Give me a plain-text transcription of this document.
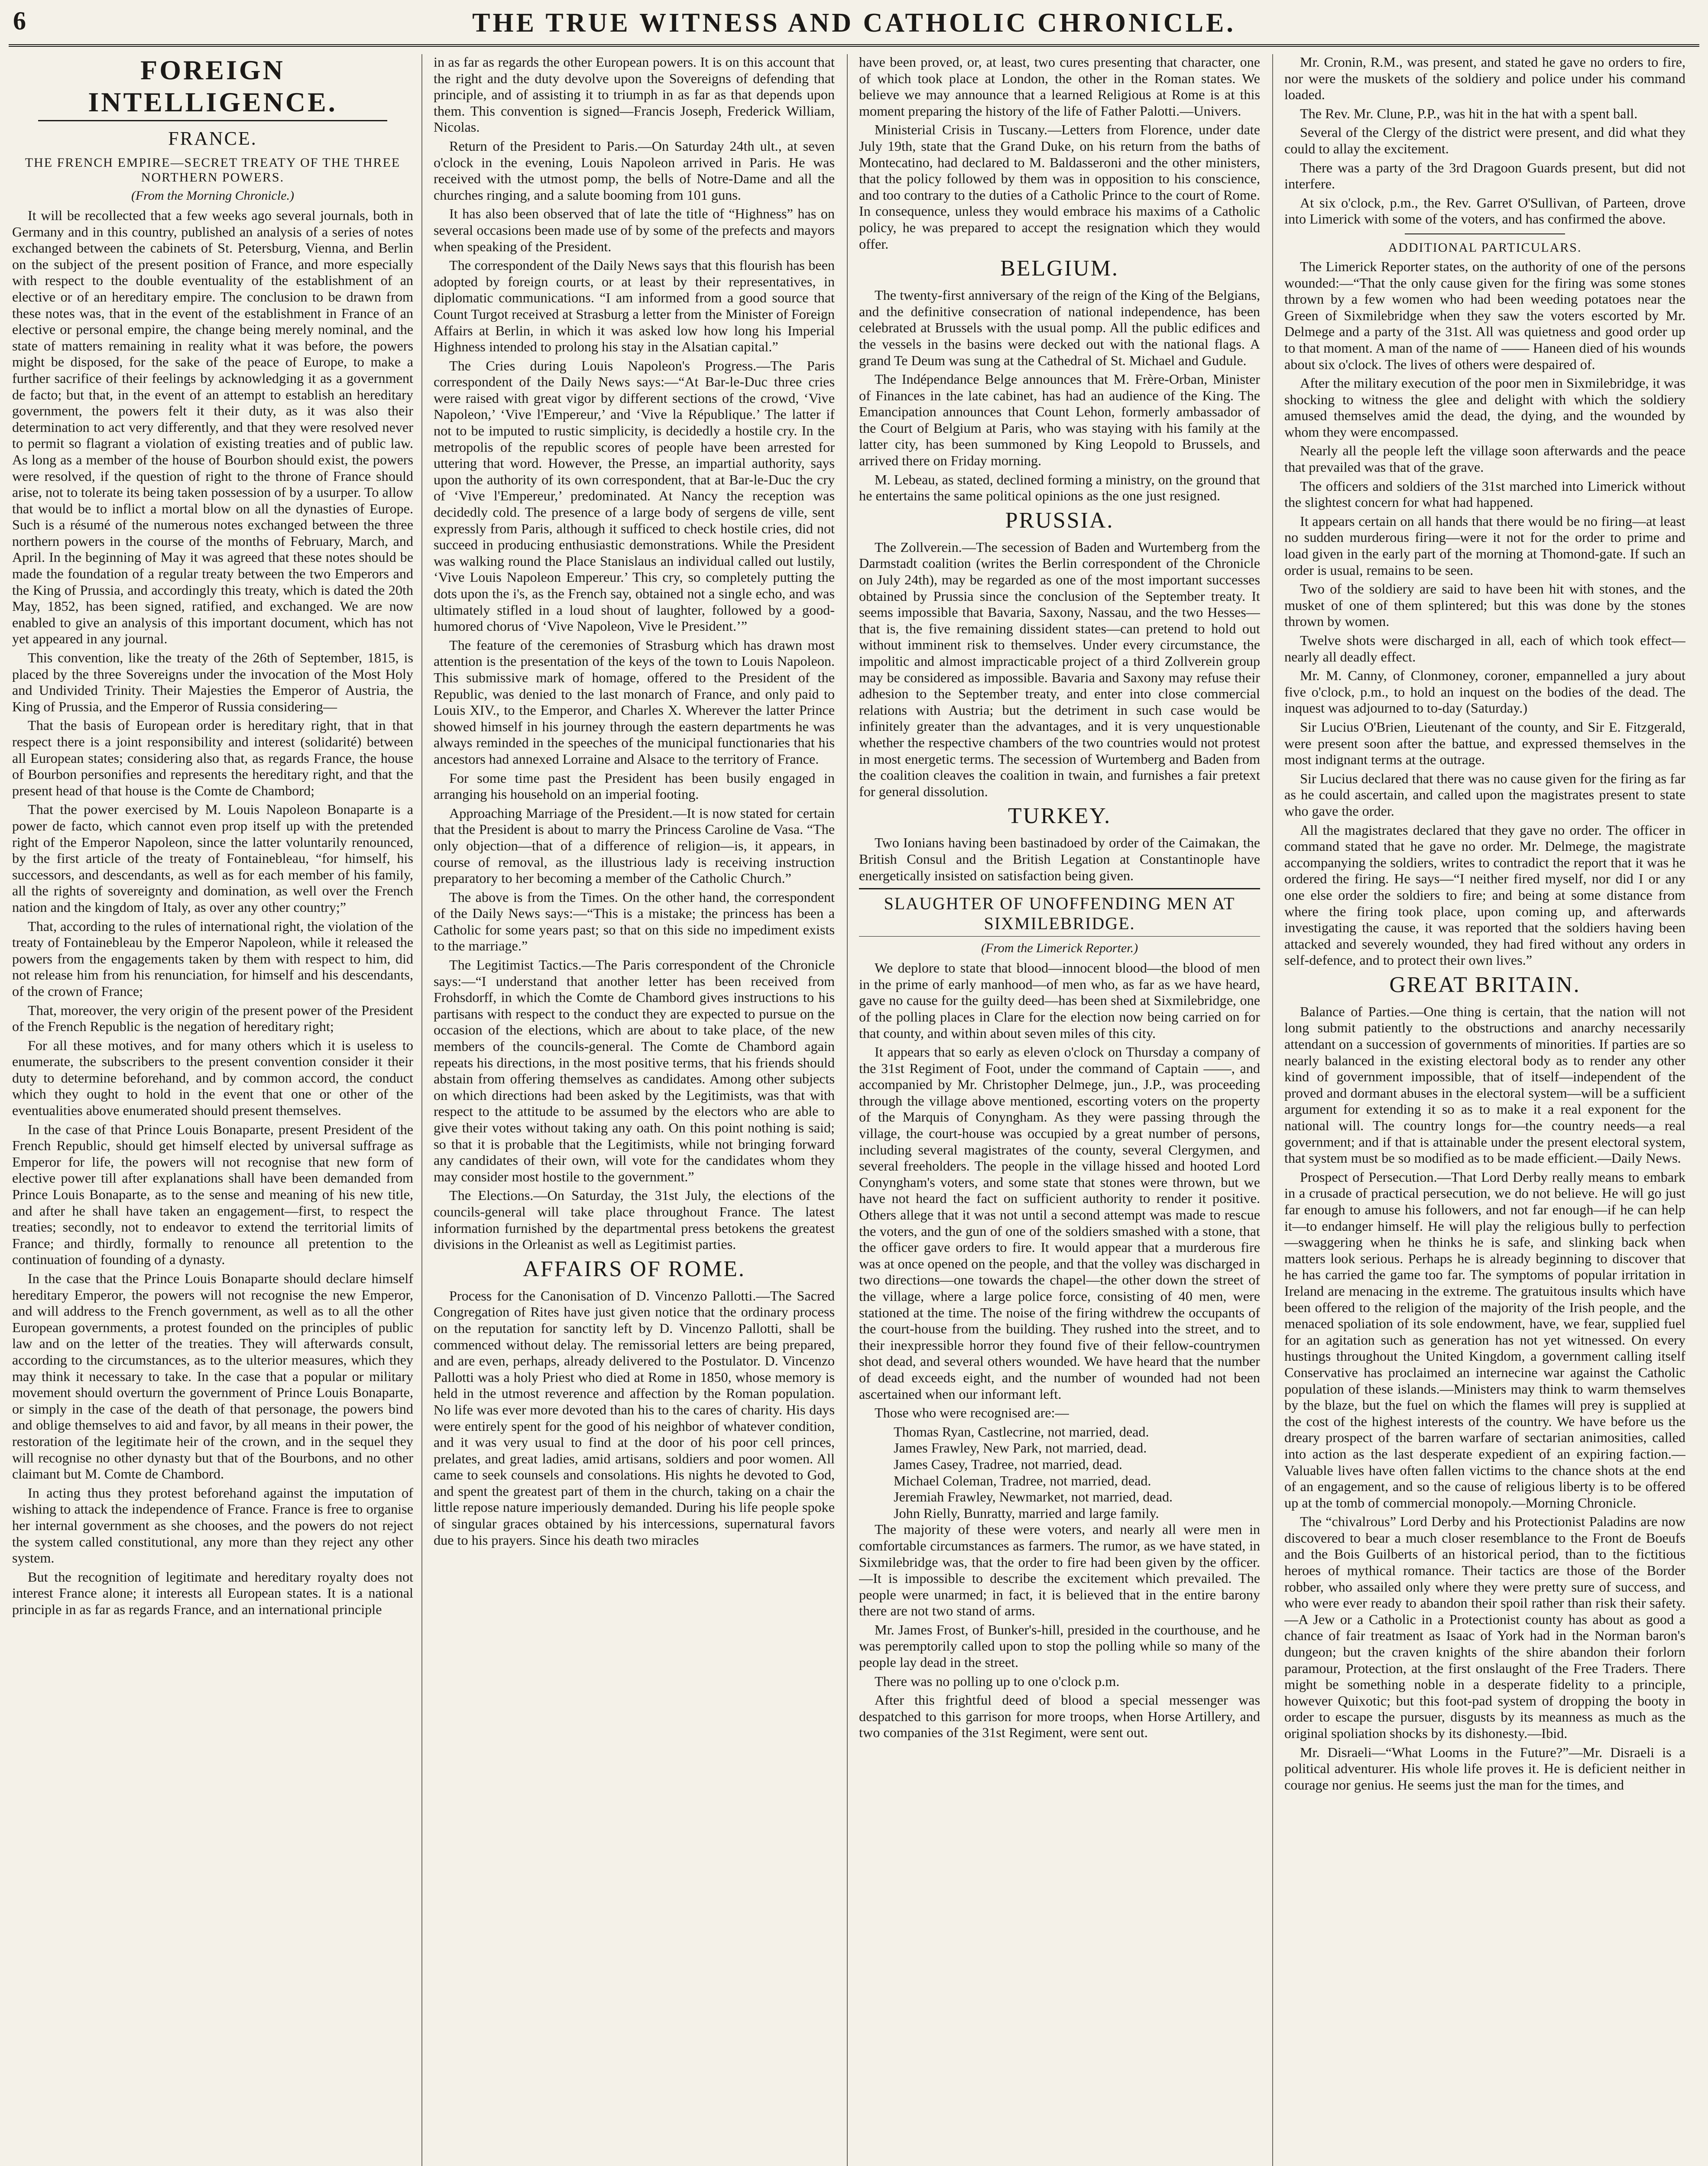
6	THE TRUE WITNESS AND CATHOLIC CHRONICLE.
FOREIGN INTELLIGENCE.
FRANCE.
THE FRENCH EMPIRE—SECRET TREATY OF THE THREE NORTHERN POWERS.
(From the Morning Chronicle.)

It will be recollected that a few weeks ago several journals, both in Germany and in this country, published an analysis of a series of notes exchanged between the cabinets of St. Petersburg, Vienna, and Berlin on the subject of the present position of France, and more especially with respect to the double eventuality of the establishment of an elective or of an hereditary empire. The conclusion to be drawn from these notes was, that in the event of the establishment in France of an elective or personal empire, the change being merely nominal, and the state of matters remaining in reality what it was before, the powers might be disposed, for the sake of the peace of Europe, to make a further sacrifice of their feelings by acknowledging it as a government de facto; but that, in the event of an attempt to establish an hereditary government, the powers felt it their duty, as it was also their determination to act very differently, and that they were resolved never to permit so flagrant a violation of existing treaties and of public law. As long as a member of the house of Bourbon should exist, the powers were resolved, if the question of right to the throne of France should arise, not to tolerate its being taken possession of by a usurper. To allow that would be to inflict a mortal blow on all the dynasties of Europe. Such is a résumé of the numerous notes exchanged between the three northern powers in the course of the months of February, March, and April. In the beginning of May it was agreed that these notes should be made the foundation of a regular treaty between the two Emperors and the King of Prussia, and accordingly this treaty, which is dated the 20th May, 1852, has been signed, ratified, and exchanged. We are now enabled to give an analysis of this important document, which has not yet appeared in any journal.

This convention, like the treaty of the 26th of September, 1815, is placed by the three Sovereigns under the invocation of the Most Holy and Undivided Trinity. Their Majesties the Emperor of Austria, the King of Prussia, and the Emperor of Russia considering—

That the basis of European order is hereditary right, that in that respect there is a joint responsibility and interest (solidarité) between all European states; considering also that, as regards France, the house of Bourbon personifies and represents the hereditary right, and that the present head of that house is the Comte de Chambord;

That the power exercised by M. Louis Napoleon Bonaparte is a power de facto, which cannot even prop itself up with the pretended right of the Emperor Napoleon, since the latter voluntarily renounced, by the first article of the treaty of Fontainebleau, “for himself, his successors, and descendants, as well as for each member of his family, all the rights of sovereignty and domination, as well over the French nation and the kingdom of Italy, as over any other country;”

That, according to the rules of international right, the violation of the treaty of Fontainebleau by the Emperor Napoleon, while it released the powers from the engagements taken by them with respect to him, did not release him from his renunciation, for himself and his descendants, of the crown of France;

That, moreover, the very origin of the present power of the President of the French Republic is the negation of hereditary right;

For all these motives, and for many others which it is useless to enumerate, the subscribers to the present convention consider it their duty to determine beforehand, and by common accord, the conduct which they ought to hold in the event that one or other of the eventualities above enumerated should present themselves.

In the case of that Prince Louis Bonaparte, present President of the French Republic, should get himself elected by universal suffrage as Emperor for life, the powers will not recognise that new form of elective power till after explanations shall have been demanded from Prince Louis Bonaparte, as to the sense and meaning of his new title, and after he shall have taken an engagement—first, to respect the treaties; secondly, not to endeavor to extend the territorial limits of France; and thirdly, formally to renounce all pretention to the continuation of founding of a dynasty.

In the case that the Prince Louis Bonaparte should declare himself hereditary Emperor, the powers will not recognise the new Emperor, and will address to the French government, as well as to all the other European governments, a protest founded on the principles of public law and on the letter of the treaties. They will afterwards consult, according to the circumstances, as to the ulterior measures, which they may think it necessary to take. In the case that a popular or military movement should overturn the government of Prince Louis Bonaparte, or simply in the case of the death of that personage, the powers bind and oblige themselves to aid and favor, by all means in their power, the restoration of the legitimate heir of the crown, and in the sequel they will recognise no other dynasty but that of the Bourbons, and no other claimant but M. Comte de Chambord.

In acting thus they protest beforehand against the imputation of wishing to attack the independence of France. France is free to organise her internal government as she chooses, and the powers do not reject the system called constitutional, any more than they reject any other system.

But the recognition of legitimate and hereditary royalty does not interest France alone; it interests all European states. It is a national principle in as far as regards France, and an international principle

in as far as regards the other European powers. It is on this account that the right and the duty devolve upon the Sovereigns of defending that principle, and of assisting it to triumph in as far as that depends upon them. This convention is signed—Francis Joseph, Frederick William, Nicolas.

Return of the President to Paris.—On Saturday 24th ult., at seven o'clock in the evening, Louis Napoleon arrived in Paris. He was received with the utmost pomp, the bells of Notre-Dame and all the churches ringing, and a salute booming from 101 guns.

It has also been observed that of late the title of “Highness” has on several occasions been made use of by some of the prefects and mayors when speaking of the President.

The correspondent of the Daily News says that this flourish has been adopted by foreign courts, or at least by their representatives, in diplomatic communications. “I am informed from a good source that Count Turgot received at Strasburg a letter from the Minister of Foreign Affairs at Berlin, in which it was asked low how long his Imperial Highness intended to prolong his stay in the Alsatian capital.”

The Cries during Louis Napoleon's Progress.—The Paris correspondent of the Daily News says:—“At Bar-le-Duc three cries were raised with great vigor by different sections of the crowd, ‘Vive Napoleon,’ ‘Vive l'Empereur,’ and ‘Vive la République.’ The latter if not to be imputed to rustic simplicity, is decidedly a hostile cry. In the metropolis of the republic scores of people have been arrested for uttering that word. However, the Presse, an impartial authority, says upon the authority of its own correspondent, that at Bar-le-Duc the cry of ‘Vive l'Empereur,’ predominated. At Nancy the reception was decidedly cold. The presence of a large body of sergens de ville, sent expressly from Paris, although it sufficed to check hostile cries, did not succeed in producing enthusiastic demonstrations. While the President was walking round the Place Stanislaus an individual called out lustily, ‘Vive Louis Napoleon Empereur.’ This cry, so completely putting the dots upon the i's, as the French say, obtained not a single echo, and was ultimately stifled in a loud shout of laughter, followed by a good-humored chorus of ‘Vive Napoleon, Vive le President.’”

The feature of the ceremonies of Strasburg which has drawn most attention is the presentation of the keys of the town to Louis Napoleon. This submissive mark of homage, offered to the President of the Republic, was denied to the last monarch of France, and only paid to Louis XIV., to the Emperor, and Charles X. Wherever the latter Prince showed himself in his journey through the eastern departments he was always reminded in the speeches of the municipal functionaries that his ancestors had annexed Lorraine and Alsace to the territory of France.

For some time past the President has been busily engaged in arranging his household on an imperial footing.

Approaching Marriage of the President.—It is now stated for certain that the President is about to marry the Princess Caroline de Vasa. “The only objection—that of a difference of religion—is, it appears, in course of removal, as the illustrious lady is receiving instruction preparatory to her becoming a member of the Catholic Church.”

The above is from the Times. On the other hand, the correspondent of the Daily News says:—“This is a mistake; the princess has been a Catholic for some years past; so that on this side no impediment exists to the marriage.”

The Legitimist Tactics.—The Paris correspondent of the Chronicle says:—“I understand that another letter has been received from Frohsdorff, in which the Comte de Chambord gives instructions to his partisans with respect to the conduct they are expected to pursue on the occasion of the elections, which are about to take place, of the new members of the councils-general. The Comte de Chambord again repeats his directions, in the most positive terms, that his friends should abstain from offering themselves as candidates. Among other subjects on which directions had been asked by the Legitimists, was that with respect to the attitude to be assumed by the electors who are able to give their votes without taking any oath. On this point nothing is said; so that it is probable that the Legitimists, while not bringing forward any candidates of their own, will vote for the candidates whom they may consider most hostile to the government.”

The Elections.—On Saturday, the 31st July, the elections of the councils-general will take place throughout France. The latest information furnished by the departmental press betokens the greatest divisions in the Orleanist as well as Legitimist parties.

AFFAIRS OF ROME.

Process for the Canonisation of D. Vincenzo Pallotti.—The Sacred Congregation of Rites have just given notice that the ordinary process on the reputation for sanctity left by D. Vincenzo Pallotti, shall be commenced without delay. The remissorial letters are being prepared, and are even, perhaps, already delivered to the Postulator. D. Vincenzo Pallotti was a holy Priest who died at Rome in 1850, whose memory is held in the utmost reverence and affection by the Roman population. No life was ever more devoted than his to the cares of charity. His days were entirely spent for the good of his neighbor of whatever condition, and it was very usual to find at the door of his poor cell princes, prelates, and great ladies, amid artisans, soldiers and poor women. All came to seek counsels and consolations. His nights he devoted to God, and spent the greatest part of them in the church, taking on a chair the little repose nature imperiously demanded. During his life people spoke of singular graces obtained by his intercessions, supernatural favors due to his prayers. Since his death two miracles

have been proved, or, at least, two cures presenting that character, one of which took place at London, the other in the Roman states. We believe we may announce that a learned Religious at Rome is at this moment preparing the history of the life of Father Palotti.—Univers.

Ministerial Crisis in Tuscany.—Letters from Florence, under date July 19th, state that the Grand Duke, on his return from the baths of Montecatino, had declared to M. Baldasseroni and the other ministers, that the policy followed by them was in opposition to his conscience, and too contrary to the duties of a Catholic Prince to the court of Rome. In consequence, unless they would embrace his maxims of a Catholic policy, he was prepared to accept the resignation which they would offer.

BELGIUM.

The twenty-first anniversary of the reign of the King of the Belgians, and the definitive consecration of national independence, has been celebrated at Brussels with the usual pomp. All the public edifices and the vessels in the basins were decked out with the national flags. A grand Te Deum was sung at the Cathedral of St. Michael and Gudule.

The Indépendance Belge announces that M. Frère-Orban, Minister of Finances in the late cabinet, has had an audience of the King. The Emancipation announces that Count Lehon, formerly ambassador of the Court of Belgium at Paris, who was staying with his family at the latter city, has been summoned by King Leopold to Brussels, and arrived there on Friday morning.

M. Lebeau, as stated, declined forming a ministry, on the ground that he entertains the same political opinions as the one just resigned.

PRUSSIA.

The Zollverein.—The secession of Baden and Wurtemberg from the Darmstadt coalition (writes the Berlin correspondent of the Chronicle on July 24th), may be regarded as one of the most important successes obtained by Prussia since the conclusion of the September treaty. It seems impossible that Bavaria, Saxony, Nassau, and the two Hesses—that is, the five remaining dissident states—can pretend to hold out without imminent risk to themselves. Under every circumstance, the impolitic and almost impracticable project of a third Zollverein group may be considered as impossible. Bavaria and Saxony may refuse their adhesion to the September treaty, and enter into close commercial relations with Austria; but the detriment in such case would be infinitely greater than the advantages, and it is very unquestionable whether the respective chambers of the two countries would not protest in most energetic terms. The secession of Wurtemberg and Baden from the coalition cleaves the coalition in twain, and furnishes a fair pretext for general dissolution.

TURKEY.

Two Ionians having been bastinadoed by order of the Caimakan, the British Consul and the British Legation at Constantinople have energetically insisted on satisfaction being given.

SLAUGHTER OF UNOFFENDING MEN AT SIXMILEBRIDGE.
(From the Limerick Reporter.)

We deplore to state that blood—innocent blood—the blood of men in the prime of early manhood—of men who, as far as we have heard, gave no cause for the guilty deed—has been shed at Sixmilebridge, one of the polling places in Clare for the election now being carried on for that county, and within about seven miles of this city.

It appears that so early as eleven o'clock on Thursday a company of the 31st Regiment of Foot, under the command of Captain ——, and accompanied by Mr. Christopher Delmege, jun., J.P., was proceeding through the village above mentioned, escorting voters on the property of the Marquis of Conyngham. As they were passing through the village, the court-house was occupied by a great number of persons, including several magistrates of the county, several Clergymen, and several freeholders. The people in the village hissed and hooted Lord Conyngham's voters, and some state that stones were thrown, but we have not heard the fact on sufficient authority to render it positive. Others allege that it was not until a second attempt was made to rescue the voters, and the gun of one of the soldiers smashed with a stone, that the officer gave orders to fire. It would appear that a murderous fire was at once opened on the people, and that the volley was discharged in two directions—one towards the chapel—the other down the street of the village, where a large police force, consisting of 40 men, were stationed at the time. The noise of the firing withdrew the occupants of the court-house from the building. They rushed into the street, and to their inexpressible horror they found five of their fellow-countrymen shot dead, and several others wounded. We have heard that the number of dead exceeds eight, and the number of wounded had not been ascertained when our informant left.

Those who were recognised are:—

Thomas Ryan, Castlecrine, not married, dead.

James Frawley, New Park, not married, dead.

James Casey, Tradree, not married, dead.

Michael Coleman, Tradree, not married, dead.

Jeremiah Frawley, Newmarket, not married, dead.

John Rielly, Bunratty, married and large family.

The majority of these were voters, and nearly all were men in comfortable circumstances as farmers. The rumor, as we have stated, in Sixmilebridge was, that the order to fire had been given by the officer.—It is impossible to describe the excitement which prevailed. The people were unarmed; in fact, it is believed that in the entire barony there are not two stand of arms.

Mr. James Frost, of Bunker's-hill, presided in the courthouse, and he was peremptorily called upon to stop the polling while so many of the people lay dead in the street.

There was no polling up to one o'clock p.m.

After this frightful deed of blood a special messenger was despatched to this garrison for more troops, when Horse Artillery, and two companies of the 31st Regiment, were sent out.

Mr. Cronin, R.M., was present, and stated he gave no orders to fire, nor were the muskets of the soldiery and police under his command loaded.

The Rev. Mr. Clune, P.P., was hit in the hat with a spent ball.

Several of the Clergy of the district were present, and did what they could to allay the excitement.

There was a party of the 3rd Dragoon Guards present, but did not interfere.

At six o'clock, p.m., the Rev. Garret O'Sullivan, of Parteen, drove into Limerick with some of the voters, and has confirmed the above.

ADDITIONAL PARTICULARS.

The Limerick Reporter states, on the authority of one of the persons wounded:—“That the only cause given for the firing was some stones thrown by a few women who had been weeding potatoes near the Green of Sixmilebridge when they saw the voters escorted by Mr. Delmege and a party of the 31st. All was quietness and good order up to that moment. A man of the name of —— Haneen died of his wounds about six o'clock. The lives of others were despaired of.

After the military execution of the poor men in Sixmilebridge, it was shocking to witness the glee and delight with which the soldiery amused themselves amid the dead, the dying, and the wounded by whom they were encompassed.

Nearly all the people left the village soon afterwards and the peace that prevailed was that of the grave.

The officers and soldiers of the 31st marched into Limerick without the slightest concern for what had happened.

It appears certain on all hands that there would be no firing—at least no sudden murderous firing—were it not for the order to prime and load given in the early part of the morning at Thomond-gate. If such an order is usual, remains to be seen.

Two of the soldiery are said to have been hit with stones, and the musket of one of them splintered; but this was done by the stones thrown by women.

Twelve shots were discharged in all, each of which took effect—nearly all deadly effect.

Mr. M. Canny, of Clonmoney, coroner, empannelled a jury about five o'clock, p.m., to hold an inquest on the bodies of the dead. The inquest was adjourned to to-day (Saturday.)

Sir Lucius O'Brien, Lieutenant of the county, and Sir E. Fitzgerald, were present soon after the battue, and expressed themselves in the most indignant terms at the outrage.

Sir Lucius declared that there was no cause given for the firing as far as he could ascertain, and called upon the magistrates present to state who gave the order.

All the magistrates declared that they gave no order. The officer in command stated that he gave no order. Mr. Delmege, the magistrate accompanying the soldiers, writes to contradict the report that it was he ordered the firing. He says—“I neither fired myself, nor did I or any one else order the soldiers to fire; and being at some distance from where the firing took place, upon coming up, and afterwards investigating the cause, it was reported that the soldiers having been attacked and severely wounded, they had fired without any orders in self-defence, and to protect their own lives.”

GREAT BRITAIN.

Balance of Parties.—One thing is certain, that the nation will not long submit patiently to the obstructions and anarchy necessarily attendant on a succession of governments of minorities. If parties are so nearly balanced in the existing electoral body as to render any other kind of government impossible, that of itself—independent of the proved and dormant abuses in the electoral system—will be a sufficient argument for extending it so as to make it a real exponent for the national will. The country longs for—the country needs—a real government; and if that is attainable under the present electoral system, that system must be so modified as to be made efficient.—Daily News.

Prospect of Persecution.—That Lord Derby really means to embark in a crusade of practical persecution, we do not believe. He will go just far enough to amuse his followers, and not far enough—if he can help it—to endanger himself. He will play the religious bully to perfection—swaggering when he thinks he is safe, and slinking back when matters look serious. Perhaps he is already beginning to discover that he has carried the game too far. The symptoms of popular irritation in Ireland are menacing in the extreme. The gratuitous insults which have been offered to the religion of the majority of the Irish people, and the menaced spoliation of its sole endowment, have, we fear, supplied fuel for an agitation such as generation has not yet witnessed. On every hustings throughout the United Kingdom, a government calling itself Conservative has proclaimed an internecine war against the Catholic population of these islands.—Ministers may think to warm themselves by the blaze, but the fuel on which the flames will prey is supplied at the cost of the highest interests of the country. We have before us the dreary prospect of the barren warfare of sectarian animosities, called into action as the last desperate expedient of an expiring faction.—Valuable lives have often fallen victims to the chance shots at the end of an engagement, and so the cause of religious liberty is to be offered up at the tomb of commercial monopoly.—Morning Chronicle.

The “chivalrous” Lord Derby and his Protectionist Paladins are now discovered to bear a much closer resemblance to the Front de Boeufs and the Bois Guilberts of an historical period, than to the fictitious heroes of mythical romance. Their tactics are those of the Border robber, who assailed only where they were pretty sure of success, and who were ever ready to abandon their spoil rather than risk their safety.—A Jew or a Catholic in a Protectionist county has about as good a chance of fair treatment as Isaac of York had in the Norman baron's dungeon; but the craven knights of the shire abandon their forlorn paramour, Protection, at the first onslaught of the Free Traders. There might be something noble in a desperate fidelity to a principle, however Quixotic; but this foot-pad system of dropping the booty in order to escape the pursuer, disgusts by its meanness as much as the original spoliation shocks by its dishonesty.—Ibid.

Mr. Disraeli—“What Looms in the Future?”—Mr. Disraeli is a political adventurer. His whole life proves it. He is deficient neither in courage nor genius. He seems just the man for the times, and
